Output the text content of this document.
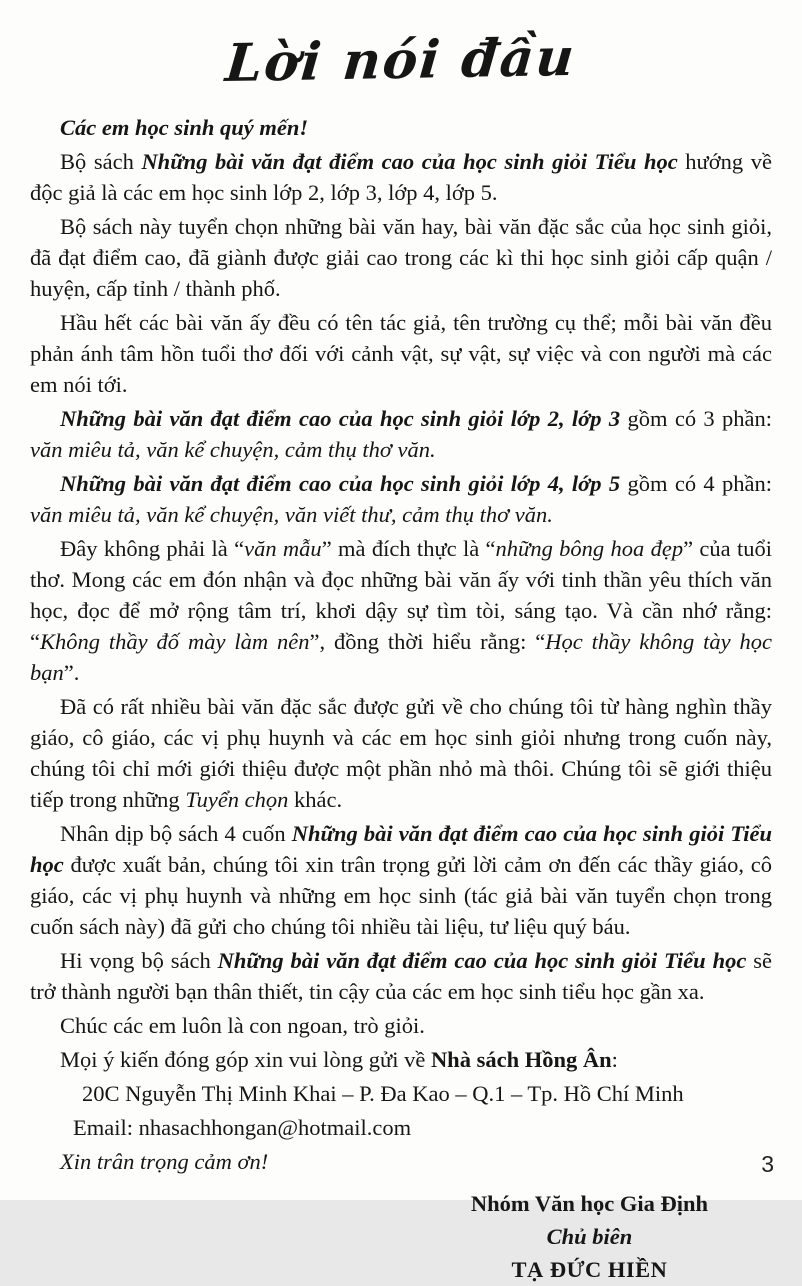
Lời nói đầu

Các em học sinh quý mến!

Bộ sách Những bài văn đạt điểm cao của học sinh giỏi Tiểu học hướng về độc giả là các em học sinh lớp 2, lớp 3, lớp 4, lớp 5.

Bộ sách này tuyển chọn những bài văn hay, bài văn đặc sắc của học sinh giỏi, đã đạt điểm cao, đã giành được giải cao trong các kì thi học sinh giỏi cấp quận / huyện, cấp tỉnh / thành phố.

Hầu hết các bài văn ấy đều có tên tác giả, tên trường cụ thể; mỗi bài văn đều phản ánh tâm hồn tuổi thơ đối với cảnh vật, sự vật, sự việc và con người mà các em nói tới.

Những bài văn đạt điểm cao của học sinh giỏi lớp 2, lớp 3 gồm có 3 phần: văn miêu tả, văn kể chuyện, cảm thụ thơ văn.

Những bài văn đạt điểm cao của học sinh giỏi lớp 4, lớp 5 gồm có 4 phần: văn miêu tả, văn kể chuyện, văn viết thư, cảm thụ thơ văn.

Đây không phải là “văn mẫu” mà đích thực là “những bông hoa đẹp” của tuổi thơ. Mong các em đón nhận và đọc những bài văn ấy với tinh thần yêu thích văn học, đọc để mở rộng tâm trí, khơi dậy sự tìm tòi, sáng tạo. Và cần nhớ rằng: “Không thầy đố mày làm nên”, đồng thời hiểu rằng: “Học thầy không tày học bạn”.

Đã có rất nhiều bài văn đặc sắc được gửi về cho chúng tôi từ hàng nghìn thầy giáo, cô giáo, các vị phụ huynh và các em học sinh giỏi nhưng trong cuốn này, chúng tôi chỉ mới giới thiệu được một phần nhỏ mà thôi. Chúng tôi sẽ giới thiệu tiếp trong những Tuyển chọn khác.

Nhân dịp bộ sách 4 cuốn Những bài văn đạt điểm cao của học sinh giỏi Tiểu học được xuất bản, chúng tôi xin trân trọng gửi lời cảm ơn đến các thầy giáo, cô giáo, các vị phụ huynh và những em học sinh (tác giả bài văn tuyển chọn trong cuốn sách này) đã gửi cho chúng tôi nhiều tài liệu, tư liệu quý báu.

Hi vọng bộ sách Những bài văn đạt điểm cao của học sinh giỏi Tiểu học sẽ trở thành người bạn thân thiết, tin cậy của các em học sinh tiểu học gần xa.

Chúc các em luôn là con ngoan, trò giỏi.

Mọi ý kiến đóng góp xin vui lòng gửi về Nhà sách Hồng Ân:

20C Nguyễn Thị Minh Khai – P. Đa Kao – Q.1 – Tp. Hồ Chí Minh

Email: nhasachhongan@hotmail.com

Xin trân trọng cảm ơn!

Nhóm Văn học Gia Định
Chủ biên
TẠ ĐỨC HIỀN
3
